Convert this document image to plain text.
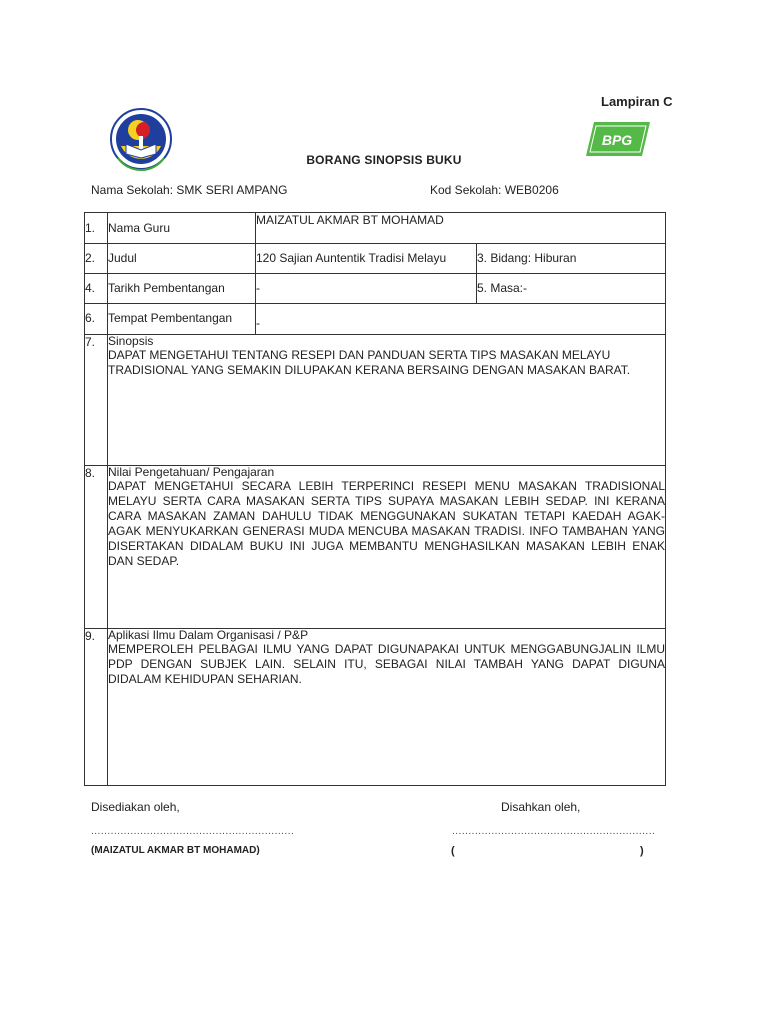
Lampiran C
BPG
BORANG SINOPSIS BUKU
Nama Sekolah: SMK SERI AMPANG	Kod Sekolah: WEB0206
1.	Nama Guru	MAIZATUL AKMAR BT MOHAMAD	
2.	Judul	120 Sajian Auntentik Tradisi Melayu	3. Bidang: Hiburan
4.	Tarikh Pembentangan	-	5. Masa:-
6.	Tempat Pembentangan	-	
7.	Sinopsis
DAPAT MENGETAHUI TENTANG RESEPI DAN PANDUAN SERTA TIPS MASAKAN MELAYU TRADISIONAL YANG SEMAKIN DILUPAKAN KERANA BERSAING DENGAN MASAKAN BARAT.		

8.	Nilai Pengetahuan/ Pengajaran
DAPAT MENGETAHUI SECARA LEBIH TERPERINCI RESEPI MENU MASAKAN TRADISIONAL MELAYU SERTA CARA MASAKAN SERTA TIPS SUPAYA MASAKAN LEBIH SEDAP. INI KERANA CARA MASAKAN ZAMAN DAHULU TIDAK MENGGUNAKAN SUKATAN TETAPI KAEDAH AGAK-AGAK MENYUKARKAN GENERASI MUDA MENCUBA MASAKAN TRADISI. INFO TAMBAHAN YANG DISERTAKAN DIDALAM BUKU INI JUGA MEMBANTU MENGHASILKAN MASAKAN LEBIH ENAK DAN SEDAP.		

9.	Aplikasi Ilmu Dalam Organisasi / P&P
MEMPEROLEH PELBAGAI ILMU YANG DAPAT DIGUNAPAKAI UNTUK MENGGABUNGJALIN ILMU PDP DENGAN SUBJEK LAIN. SELAIN ITU, SEBAGAI NILAI TAMBAH YANG DAPAT DIGUNA DIDALAM KEHIDUPAN SEHARIAN.		
Disediakan oleh,	Disahkan oleh,
..............................................................	..............................................................
(MAIZATUL AKMAR BT MOHAMAD)	(	)
